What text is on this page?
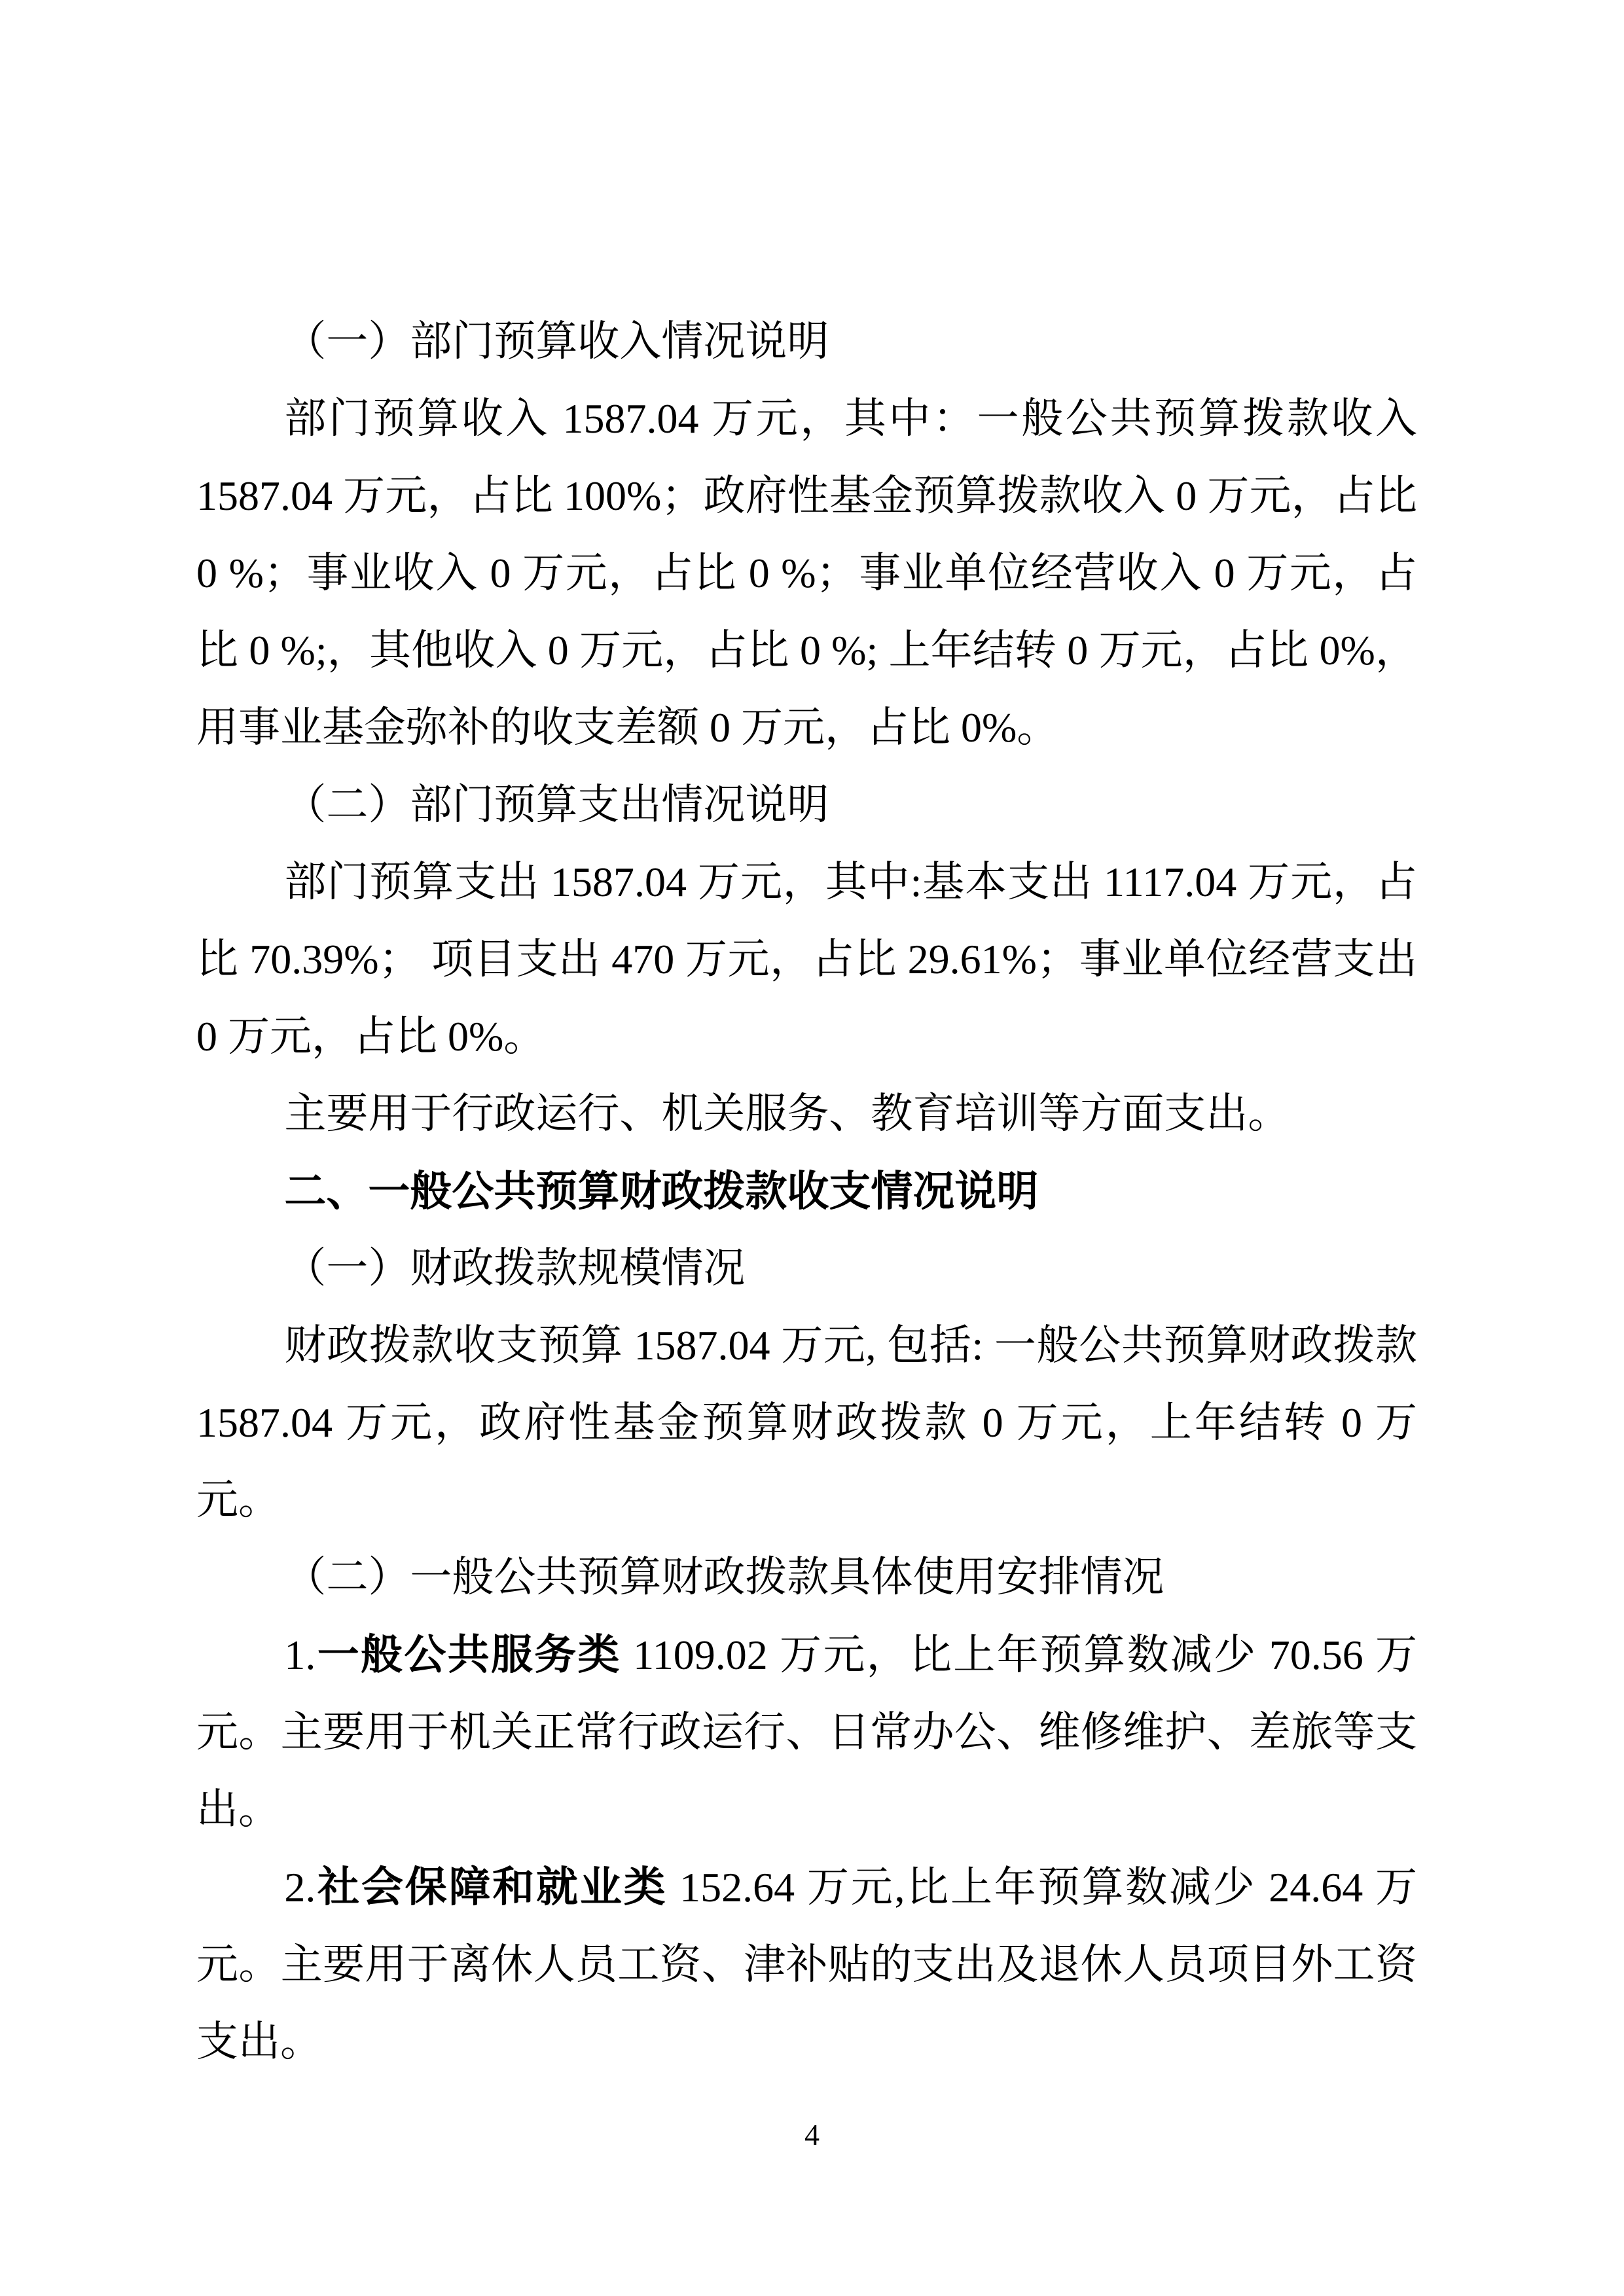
（一）部门预算收入情况说明

部门预算收入 1587.04 万元，其中：一般公共预算拨款收入 1587.04 万元，占比 100%；政府性基金预算拨款收入 0 万元，占比 0 %；事业收入 0 万元，占比 0 %；事业单位经营收入 0 万元，占比 0 %;，其他收入 0 万元，占比 0 %; 上年结转 0 万元，占比 0%，用事业基金弥补的收支差额 0 万元，占比 0%。

（二）部门预算支出情况说明

部门预算支出 1587.04 万元，其中:基本支出 1117.04 万元，占比 70.39%； 项目支出 470 万元，占比 29.61%；事业单位经营支出 0 万元，占比 0%。

主要用于行政运行、机关服务、教育培训等方面支出。

二、一般公共预算财政拨款收支情况说明

（一）财政拨款规模情况

财政拨款收支预算 1587.04 万元, 包括: 一般公共预算财政拨款 1587.04 万元，政府性基金预算财政拨款 0 万元，上年结转 0 万元。

（二）一般公共预算财政拨款具体使用安排情况

1.一般公共服务类 1109.02 万元，比上年预算数减少 70.56 万元。主要用于机关正常行政运行、日常办公、维修维护、差旅等支出。

2.社会保障和就业类 152.64 万元,比上年预算数减少 24.64 万元。主要用于离休人员工资、津补贴的支出及退休人员项目外工资支出。

4
